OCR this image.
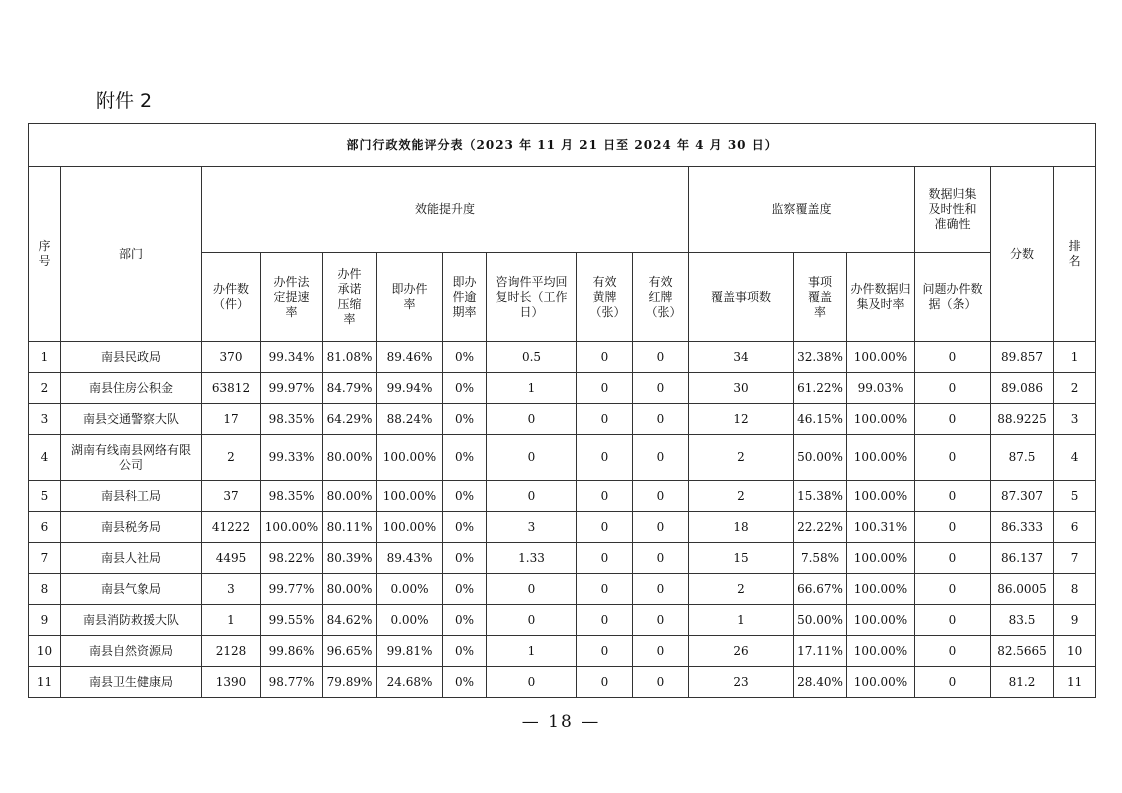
附件 2
部门行政效能评分表（2023 年 11 月 21 日至 2024 年 4 月 30 日）															

序号	部门	效能提升度								监察覆盖度			数据归集及时性和准确性	分数	排名

		办件数（件）	办件法定提速率	办件承诺压缩率	即办件率	即办件逾期率	咨询件平均回复时长（工作日）	有效黄牌（张）	有效红牌（张）	覆盖事项数	事项覆盖率	办件数据归集及时率	问题办件数据（条）		

1	南县民政局	370	99.34%	81.08%	89.46%	0%	0.5	0	0	34	32.38%	100.00%	0	89.857	1
2	南县住房公积金	63812	99.97%	84.79%	99.94%	0%	1	0	0	30	61.22%	99.03%	0	89.086	2
3	南县交通警察大队	17	98.35%	64.29%	88.24%	0%	0	0	0	12	46.15%	100.00%	0	88.9225	3
4	湖南有线南县网络有限公司	2	99.33%	80.00%	100.00%	0%	0	0	0	2	50.00%	100.00%	0	87.5	4
5	南县科工局	37	98.35%	80.00%	100.00%	0%	0	0	0	2	15.38%	100.00%	0	87.307	5
6	南县税务局	41222	100.00%	80.11%	100.00%	0%	3	0	0	18	22.22%	100.31%	0	86.333	6
7	南县人社局	4495	98.22%	80.39%	89.43%	0%	1.33	0	0	15	7.58%	100.00%	0	86.137	7
8	南县气象局	3	99.77%	80.00%	0.00%	0%	0	0	0	2	66.67%	100.00%	0	86.0005	8
9	南县消防救援大队	1	99.55%	84.62%	0.00%	0%	0	0	0	1	50.00%	100.00%	0	83.5	9
10	南县自然资源局	2128	99.86%	96.65%	99.81%	0%	1	0	0	26	17.11%	100.00%	0	82.5665	10
11	南县卫生健康局	1390	98.77%	79.89%	24.68%	0%	0	0	0	23	28.40%	100.00%	0	81.2	11
— 18 —
